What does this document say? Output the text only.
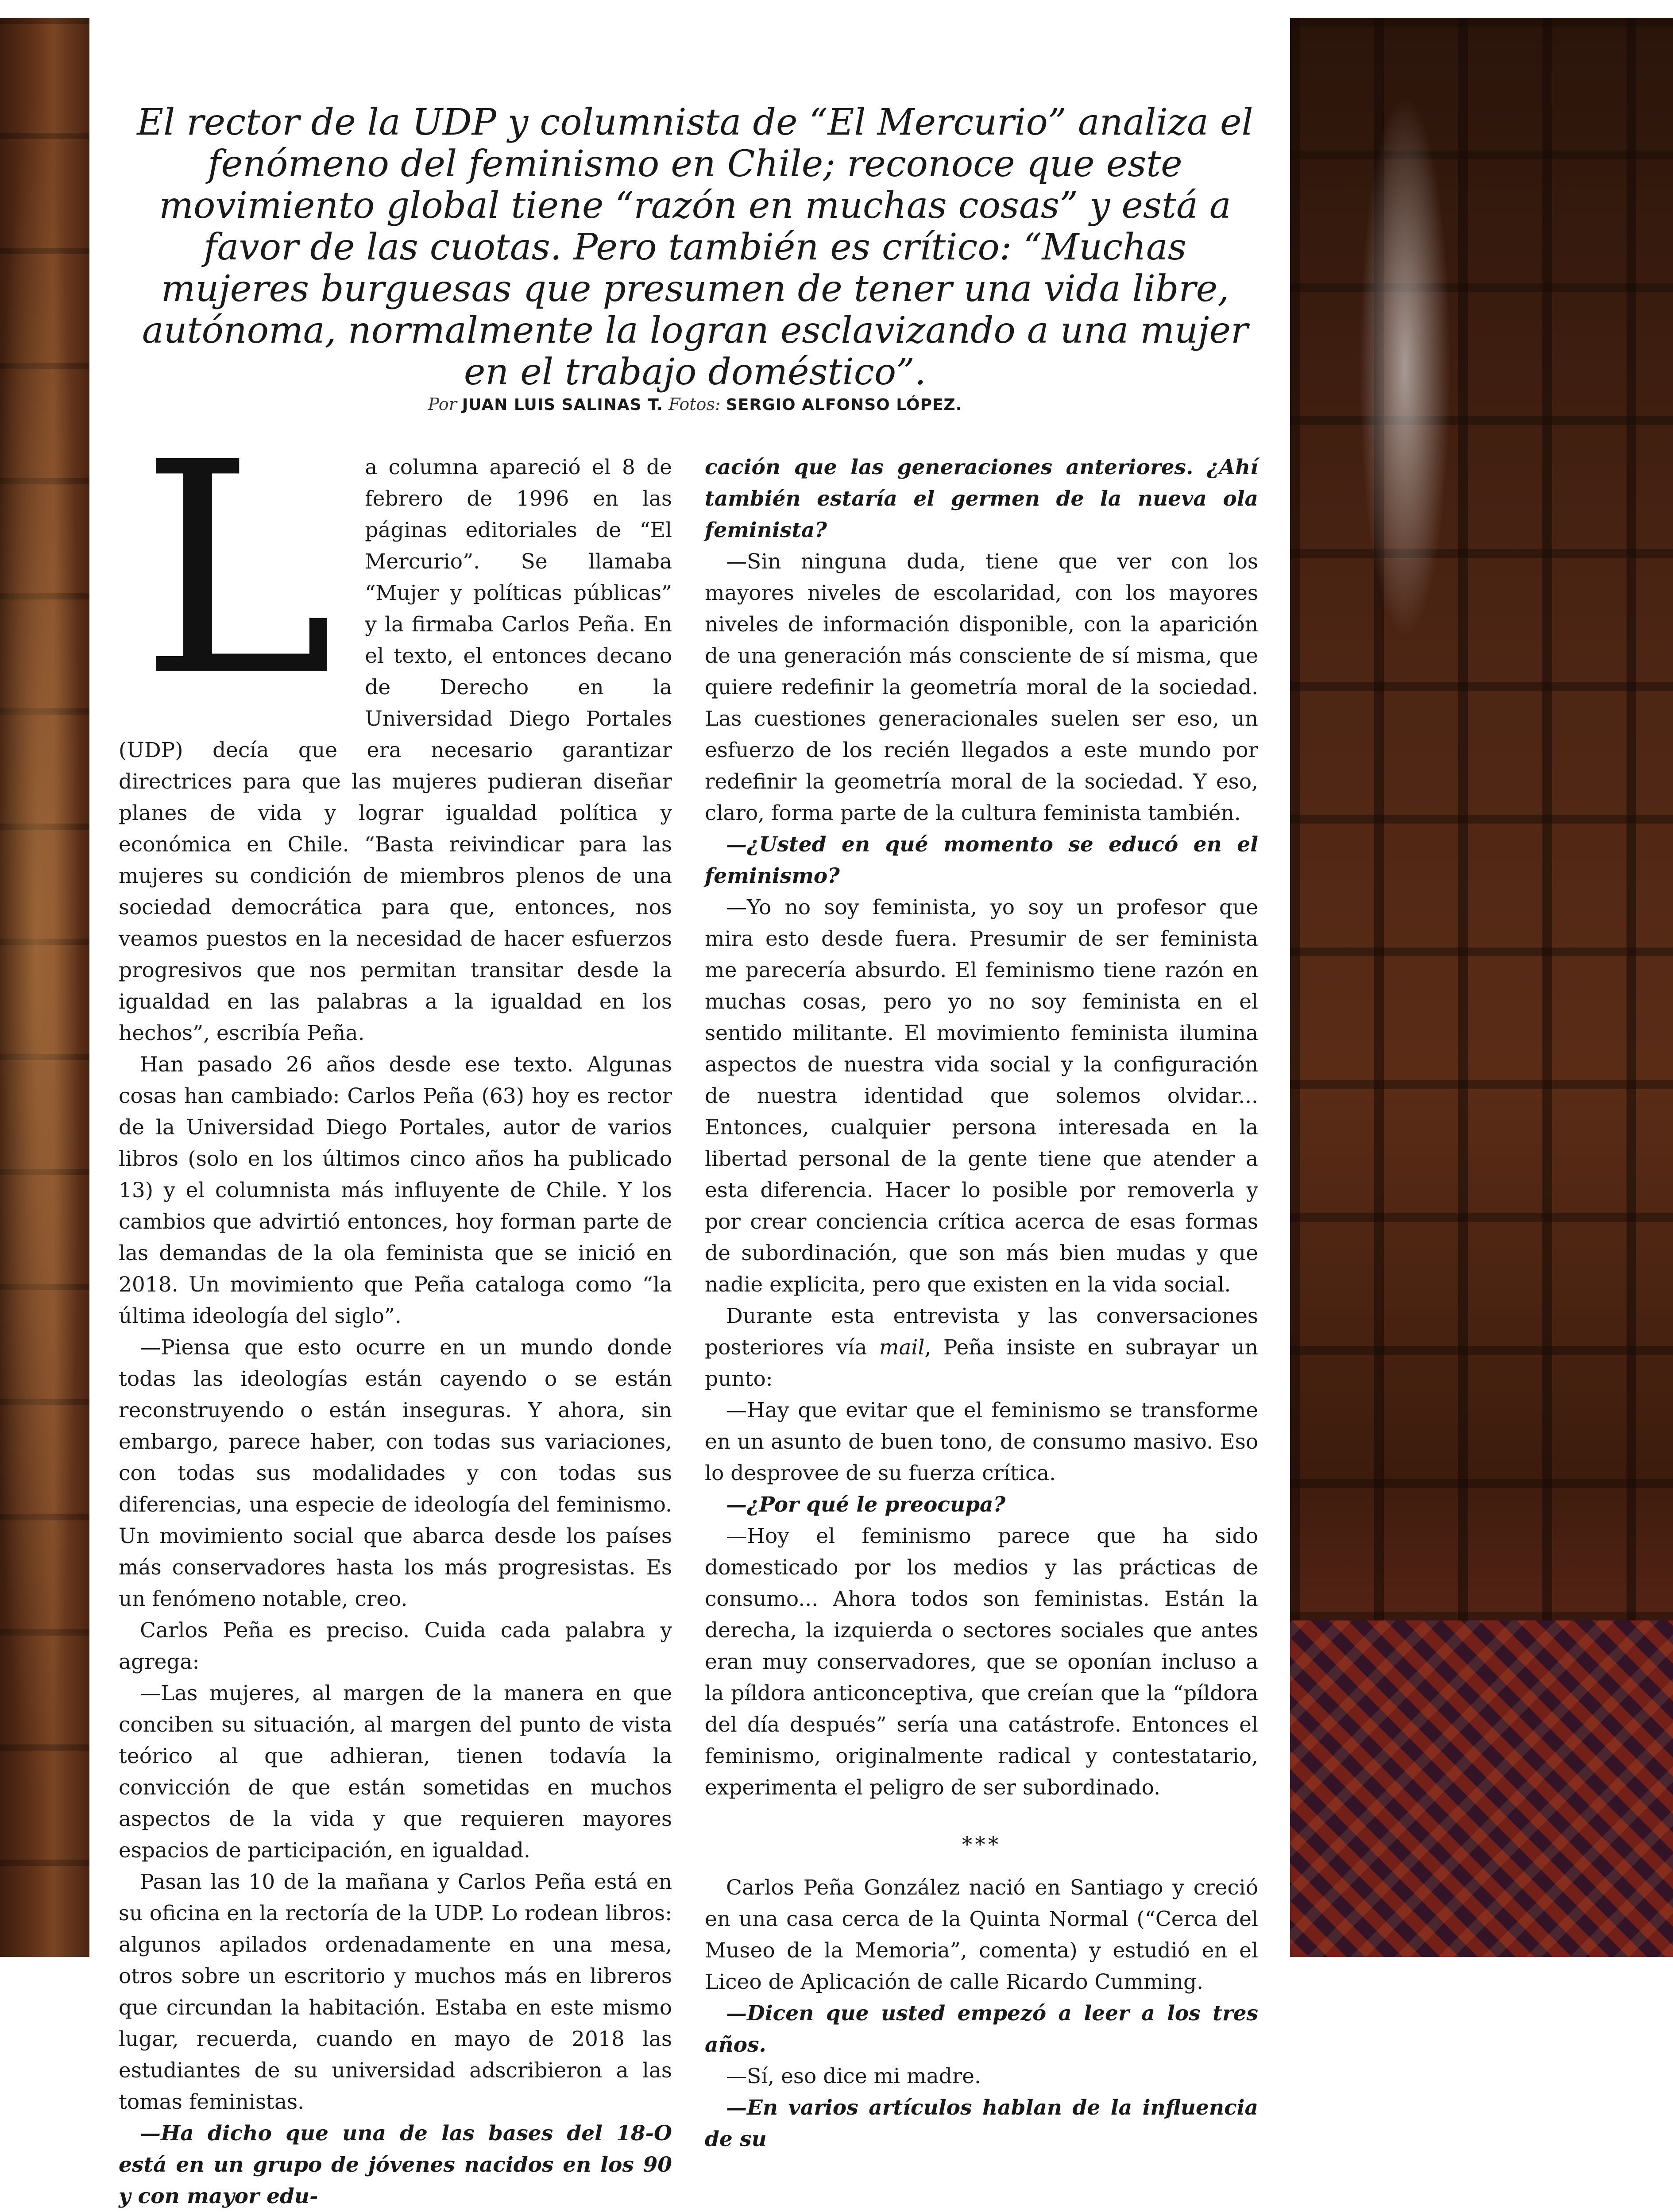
El rector de la UDP y columnista de “El Mercurio” analiza el fenómeno del feminismo en Chile; reconoce que este movimiento global tiene “razón en muchas cosas” y está a favor de las cuotas. Pero también es crítico: “Muchas mujeres burguesas que presumen de tener una vida libre, autónoma, normalmente la logran esclavizando a una mujer en el trabajo doméstico”.

Por JUAN LUIS SALINAS T. Fotos: SERGIO ALFONSO LÓPEZ.
L	a columna apareció el 8 de febrero de 1996 en las páginas editoriales de “El Mercurio”. Se llamaba “Mujer y políticas públicas” y la firmaba Carlos Peña. En el texto, el entonces decano de Derecho en la Universidad Diego Portales (UDP) decía que era necesario garantizar directrices para que las mujeres pudieran diseñar planes de vida y lograr igualdad política y económica en Chile. “Basta reivindicar para las mujeres su condición de miembros plenos de una sociedad democrática para que, entonces, nos veamos puestos en la necesidad de hacer esfuerzos progresivos que nos permitan transitar desde la igualdad en las palabras a la igualdad en los hechos”, escribía Peña.

Han pasado 26 años desde ese texto. Algunas cosas han cambiado: Carlos Peña (63) hoy es rector de la Universidad Diego Portales, autor de varios libros (solo en los últimos cinco años ha publicado 13) y el columnista más influyente de Chile. Y los cambios que advirtió entonces, hoy forman parte de las demandas de la ola feminista que se inició en 2018. Un movimiento que Peña cataloga como “la última ideología del siglo”.

—Piensa que esto ocurre en un mundo donde todas las ideologías están cayendo o se están reconstruyendo o están inseguras. Y ahora, sin embargo, parece haber, con todas sus variaciones, con todas sus modalidades y con todas sus diferencias, una especie de ideología del feminismo. Un movimiento social que abarca desde los países más conservadores hasta los más progresistas. Es un fenómeno notable, creo.

Carlos Peña es preciso. Cuida cada palabra y agrega:

—Las mujeres, al margen de la manera en que conciben su situación, al margen del punto de vista teórico al que adhieran, tienen todavía la convicción de que están sometidas en muchos aspectos de la vida y que requieren mayores espacios de participación, en igualdad.

Pasan las 10 de la mañana y Carlos Peña está en su oficina en la rectoría de la UDP. Lo rodean libros: algunos apilados ordenadamente en una mesa, otros sobre un escritorio y muchos más en libreros que circundan la habitación. Estaba en este mismo lugar, recuerda, cuando en mayo de 2018 las estudiantes de su universidad adscribieron a las tomas feministas.

—Ha dicho que una de las bases del 18-O está en un grupo de jóvenes nacidos en los 90 y con mayor edu-

cación que las generaciones anteriores. ¿Ahí también estaría el germen de la nueva ola feminista?

—Sin ninguna duda, tiene que ver con los mayores niveles de escolaridad, con los mayores niveles de información disponible, con la aparición de una generación más consciente de sí misma, que quiere redefinir la geometría moral de la sociedad. Las cuestiones generacionales suelen ser eso, un esfuerzo de los recién llegados a este mundo por redefinir la geometría moral de la sociedad. Y eso, claro, forma parte de la cultura feminista también.

—¿Usted en qué momento se educó en el feminismo?

—Yo no soy feminista, yo soy un profesor que mira esto desde fuera. Presumir de ser feminista me parecería absurdo. El feminismo tiene razón en muchas cosas, pero yo no soy feminista en el sentido militante. El movimiento feminista ilumina aspectos de nuestra vida social y la configuración de nuestra identidad que solemos olvidar... Entonces, cualquier persona interesada en la libertad personal de la gente tiene que atender a esta diferencia. Hacer lo posible por removerla y por crear conciencia crítica acerca de esas formas de subordinación, que son más bien mudas y que nadie explicita, pero que existen en la vida social.

Durante esta entrevista y las conversaciones posteriores vía mail, Peña insiste en subrayar un punto:

—Hay que evitar que el feminismo se transforme en un asunto de buen tono, de consumo masivo. Eso lo desprovee de su fuerza crítica.

—¿Por qué le preocupa?

—Hoy el feminismo parece que ha sido domesticado por los medios y las prácticas de consumo... Ahora todos son feministas. Están la derecha, la izquierda o sectores sociales que antes eran muy conservadores, que se oponían incluso a la píldora anticonceptiva, que creían que la “píldora del día después” sería una catástrofe. Entonces el feminismo, originalmente radical y contestatario, experimenta el peligro de ser subordinado.

***

Carlos Peña González nació en Santiago y creció en una casa cerca de la Quinta Normal (“Cerca del Museo de la Memoria”, comenta) y estudió en el Liceo de Aplicación de calle Ricardo Cumming.

—Dicen que usted empezó a leer a los tres años.

—Sí, eso dice mi madre.

—En varios artículos hablan de la influencia de su
